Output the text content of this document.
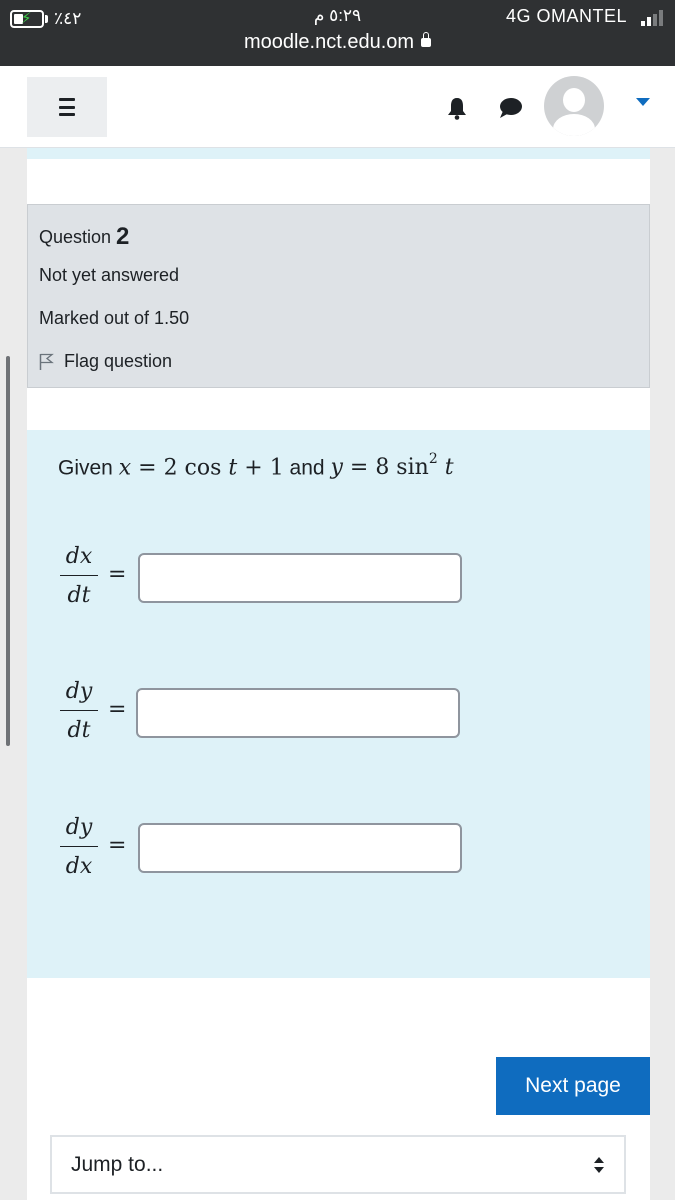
⚡ ٪٤٢	٥:٢٩ م
moodle.nct.edu.om
4G OMANTEL
Question 2
Not yet answered
Marked out of 1.50
Flag question
Given x = 2 cos t + 1 and y = 8 $\sin^2 t$
dx
dt
=
dy
dt
=
dy
dx
=
Next page
Jump to...
